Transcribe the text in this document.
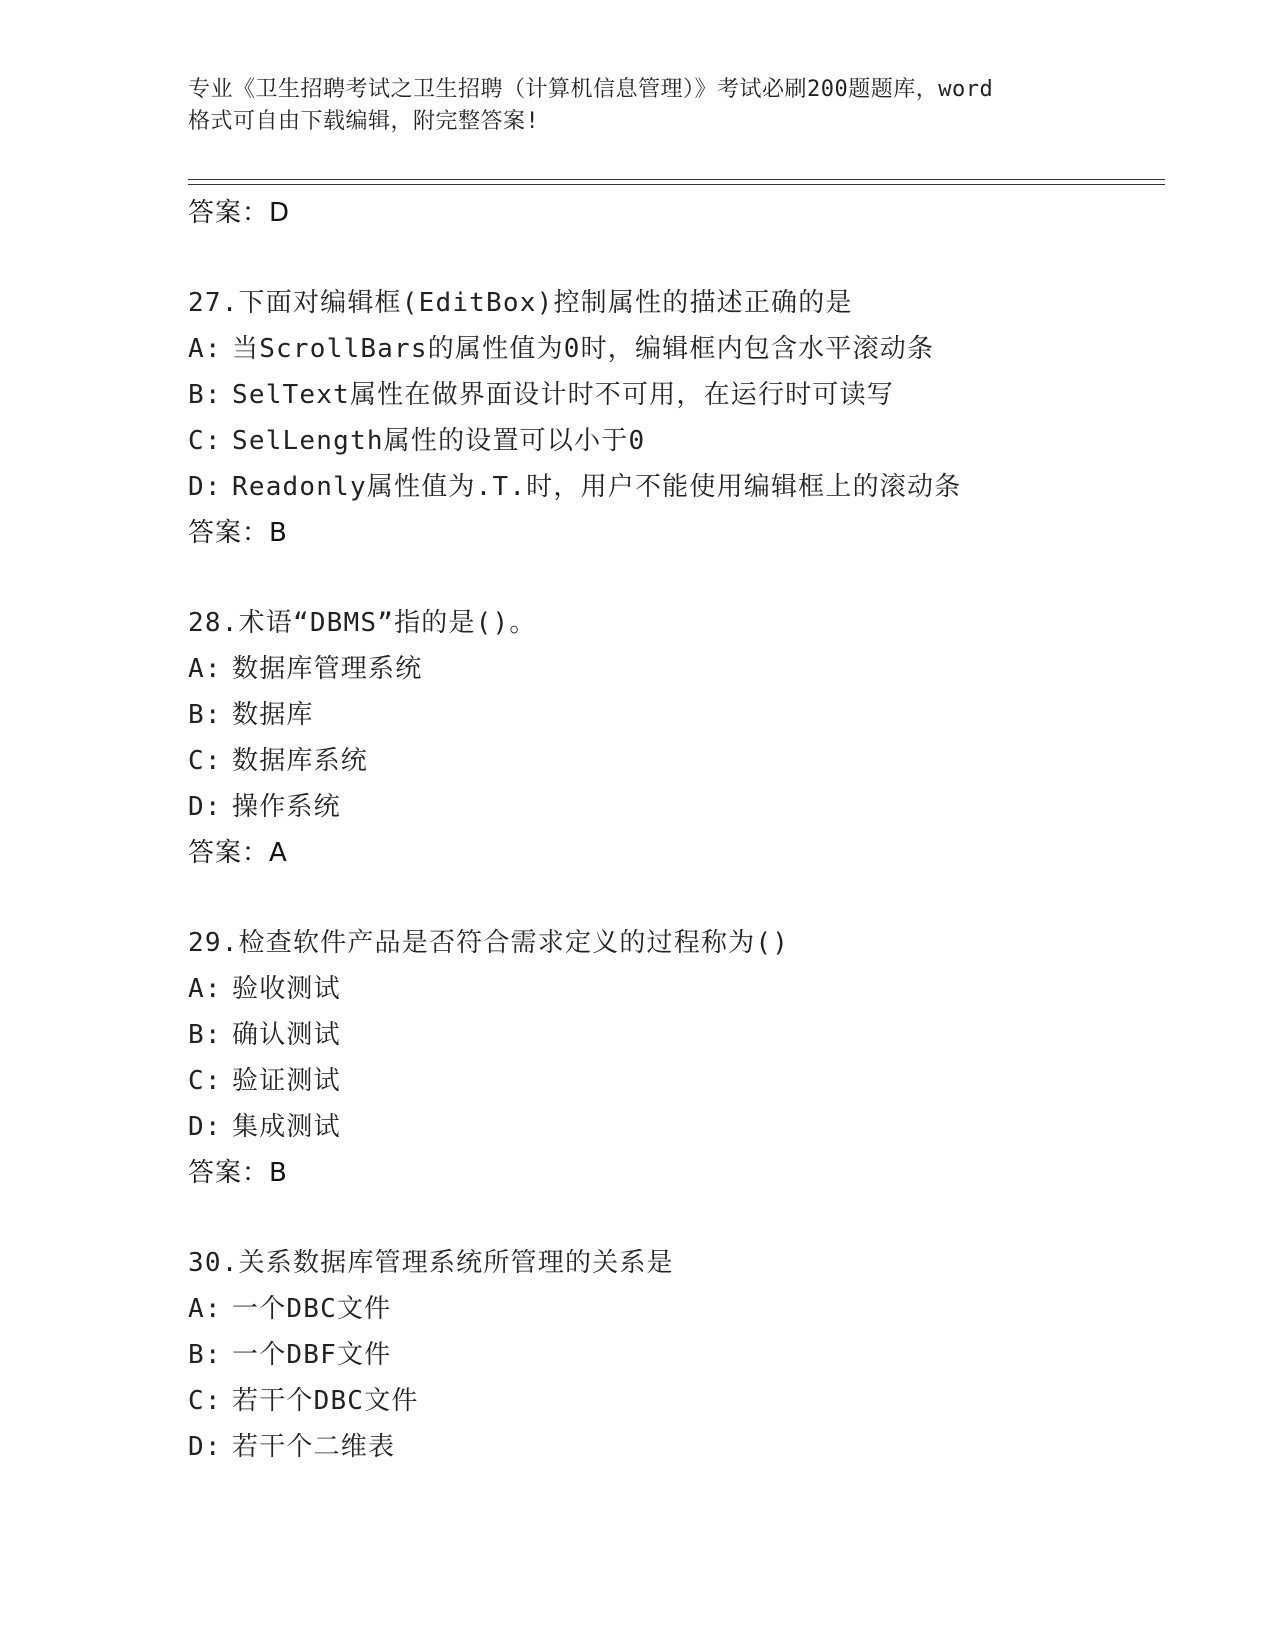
专业《卫生招聘考试之卫生招聘（计算机信息管理）》考试必刷200题题库，word
格式可自由下载编辑，附完整答案!
答案：D
27.下面对编辑框(EditBox)控制属性的描述正确的是
A: 当ScrollBars的属性值为0时，编辑框内包含水平滚动条
B: SelText属性在做界面设计时不可用，在运行时可读写
C: SelLength属性的设置可以小于0
D: Readonly属性值为.T.时，用户不能使用编辑框上的滚动条
答案：B
28.术语“DBMS”指的是()。
A: 数据库管理系统
B: 数据库
C: 数据库系统
D: 操作系统
答案：A
29.检查软件产品是否符合需求定义的过程称为()
A: 验收测试
B: 确认测试
C: 验证测试
D: 集成测试
答案：B
30.关系数据库管理系统所管理的关系是
A: 一个DBC文件
B: 一个DBF文件
C: 若干个DBC文件
D: 若干个二维表
